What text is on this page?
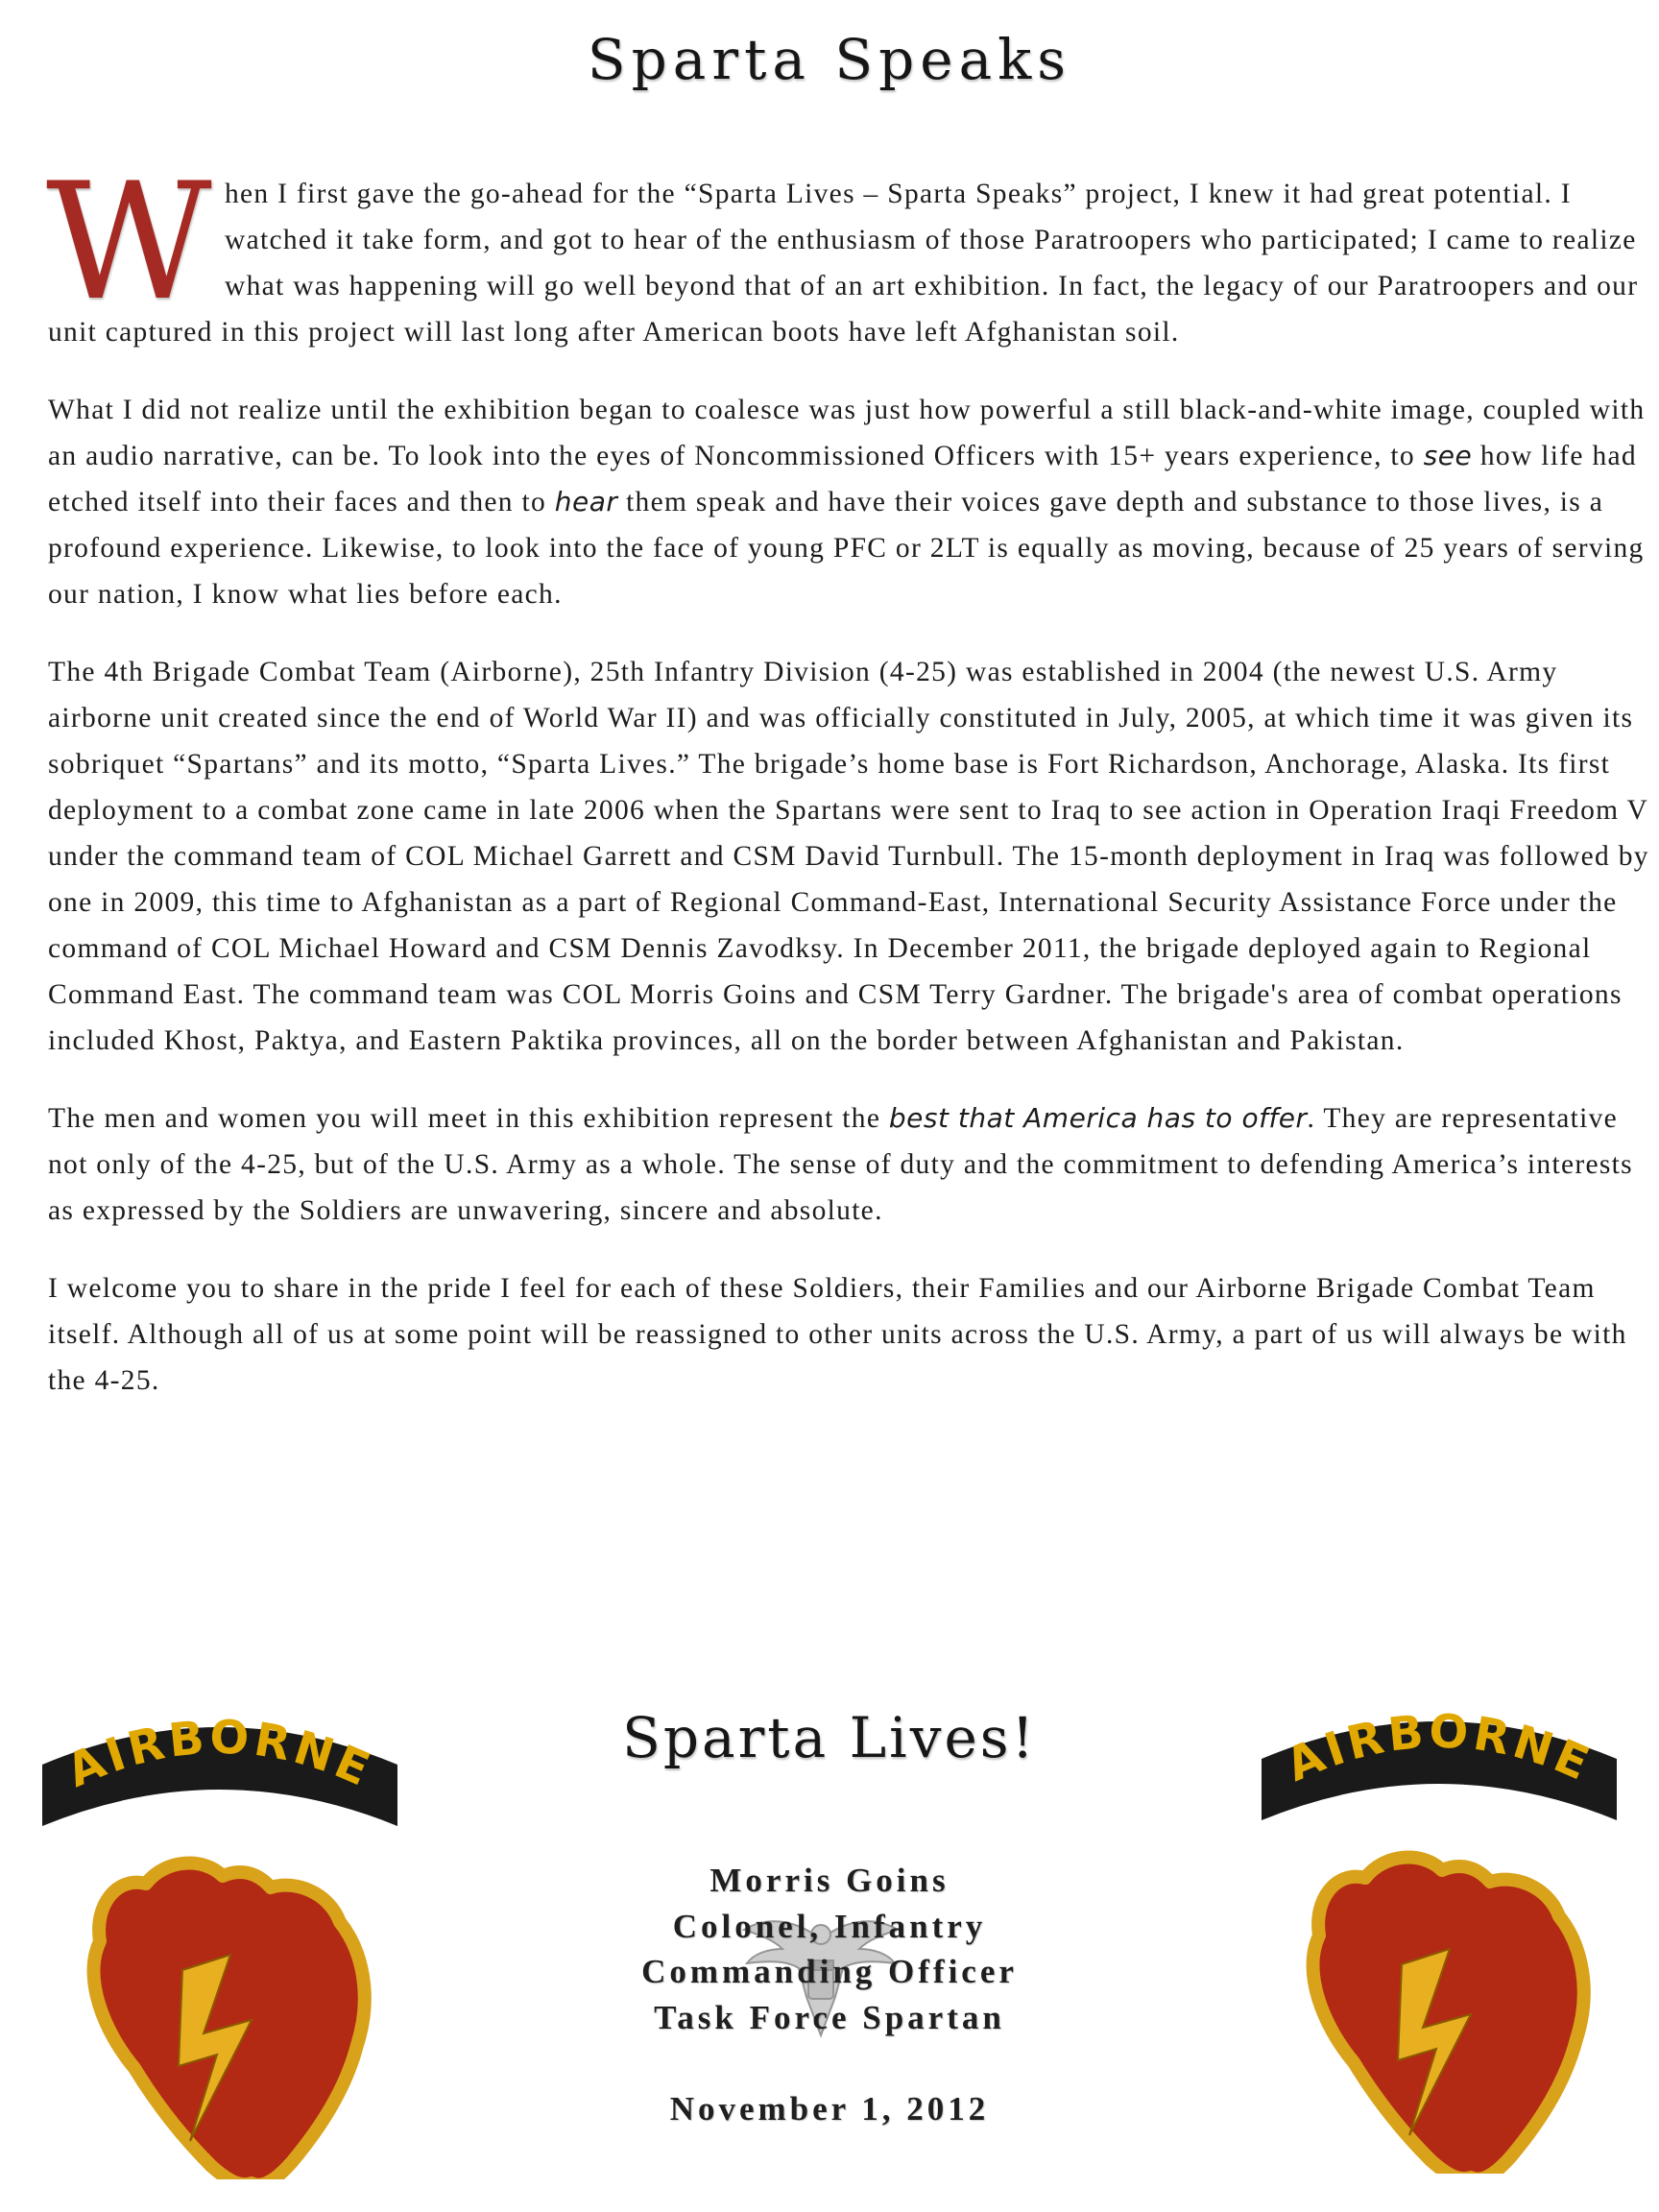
Sparta Speaks

When I first gave the go-ahead for the “Sparta Lives – Sparta Speaks” project, I knew it had great potential. I watched it take form, and got to hear of the enthusiasm of those Paratroopers who participated; I came to realize what was happening will go well beyond that of an art exhibition. In fact, the legacy of our Paratroopers and our unit captured in this project will last long after American boots have left Afghanistan soil.

What I did not realize until the exhibition began to coalesce was just how powerful a still black-and-white image, coupled with an audio narrative, can be. To look into the eyes of Noncommissioned Officers with 15+ years experience, to see how life had etched itself into their faces and then to hear them speak and have their voices gave depth and substance to those lives, is a profound experience. Likewise, to look into the face of young PFC or 2LT is equally as moving, because of 25 years of serving our nation, I know what lies before each.

The 4th Brigade Combat Team (Airborne), 25th Infantry Division (4-25) was established in 2004 (the newest U.S. Army airborne unit created since the end of World War II) and was officially constituted in July, 2005, at which time it was given its sobriquet “Spartans” and its motto, “Sparta Lives.” The brigade’s home base is Fort Richardson, Anchorage, Alaska. Its first deployment to a combat zone came in late 2006 when the Spartans were sent to Iraq to see action in Operation Iraqi Freedom V under the command team of COL Michael Garrett and CSM David Turnbull. The 15-month deployment in Iraq was followed by one in 2009, this time to Afghanistan as a part of Regional Command-East, International Security Assistance Force under the command of COL Michael Howard and CSM Dennis Zavodksy. In December 2011, the brigade deployed again to Regional Command East. The command team was COL Morris Goins and CSM Terry Gardner. The brigade's area of combat operations included Khost, Paktya, and Eastern Paktika provinces, all on the border between Afghanistan and Pakistan.

The men and women you will meet in this exhibition represent the best that America has to offer. They are representative not only of the 4-25, but of the U.S. Army as a whole. The sense of duty and the commitment to defending America’s interests as expressed by the Soldiers are unwavering, sincere and absolute.

I welcome you to share in the pride I feel for each of these Soldiers, their Families and our Airborne Brigade Combat Team itself. Although all of us at some point will be reassigned to other units across the U.S. Army, a part of us will always be with the 4-25.

Sparta Lives!
Morris Goins
Colonel, Infantry
Commanding Officer
Task Force Spartan
November 1, 2012
AIRBORNE	AIRBORNE
